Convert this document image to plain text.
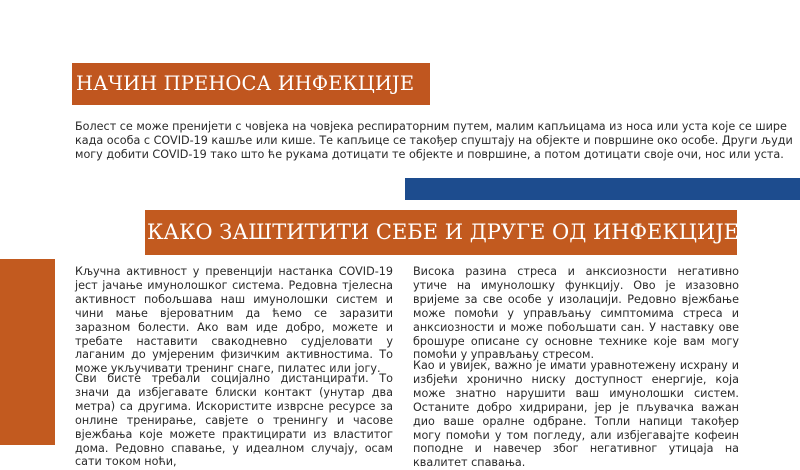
НАЧИН ПРЕНОСА ИНФЕКЦИЈЕ

Болест се може пренијети с човјека на човјека респираторним путем, малим капљицама из носа или уста које се шире када особа с COVID-19 кашље или кише. Те капљице се такођер спуштају на објекте и површине око особе. Други људи могу добити COVID-19 тако што ће рукама дотицати те објекте и површине, а потом дотицати своје очи, нос или уста.

КАКО ЗАШТИТИТИ СЕБЕ И ДРУГЕ ОД ИНФЕКЦИЈЕ?

Кључна активност у превенцији настанка COVID-19 јест јачање имунолошког система. Редовна тјелесна активност побољшава наш имунолошки систем и чини мање вјероватним да ћемо се заразити заразном болести. Ако вам иде добро, можете и требате наставити свакодневно судјеловати у лаганим до умјереним физичким активностима. То може укључивати тренинг снаге, пилатес или јогу.

Сви бисте требали социјално дистанцирати. То значи да избјегавате блиски контакт (унутар два метра) са другима. Искористите изврсне ресурсе за онлине тренирање, савјете о тренингу и часове вјежбања које можете практицирати из властитог дома. Редовно спавање, у идеалном случају, осам сати током ноћи,

Висока разина стреса и анксиозности негативно утиче на имунолошку функцију. Ово је изазовно вријеме за све особе у изолацији. Редовно вјежбање може помоћи у управљању симптомима стреса и анксиозности и може побољшати сан. У наставку ове брошуре описане су основне технике које вам могу помоћи у управљању стресом.

Као и увијек, важно је имати уравнотежену исхрану и избјећи хронично ниску доступност енергије, која може знатно нарушити ваш имунолошки систем. Останите добро хидрирани, јер је пљувачка важан дио ваше оралне одбране. Топли напици такођер могу помоћи у том погледу, али избјегавајте кофеин поподне и навечер због негативног утицаја на квалитет спавања.
